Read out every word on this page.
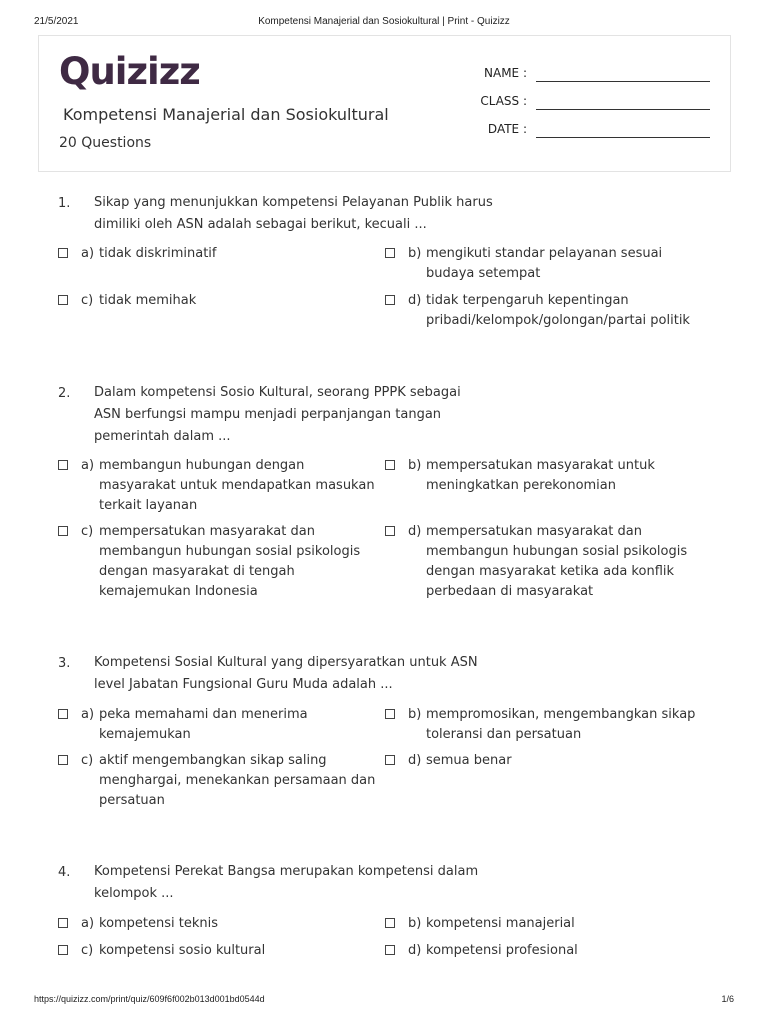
21/5/2021	Kompetensi Manajerial dan Sosiokultural | Print - Quizizz
Quizizz
Kompetensi Manajerial dan Sosiokultural
20 Questions
NAME :
CLASS :
DATE :
1. Sikap yang menunjukkan kompetensi Pelayanan Publik harus dimiliki oleh ASN adalah sebagai berikut, kecuali ...
a) tidak diskriminatif	b) mengikuti standar pelayanan sesuai budaya setempat
c) tidak memihak	d) tidak terpengaruh kepentingan pribadi/kelompok/golongan/partai politik
2. Dalam kompetensi Sosio Kultural, seorang PPPK sebagai ASN berfungsi mampu menjadi perpanjangan tangan pemerintah dalam ...
a) membangun hubungan dengan masyarakat untuk mendapatkan masukan terkait layanan
b) mempersatukan masyarakat untuk meningkatkan perekonomian
c) mempersatukan masyarakat dan membangun hubungan sosial psikologis dengan masyarakat di tengah kemajemukan Indonesia
d) mempersatukan masyarakat dan membangun hubungan sosial psikologis dengan masyarakat ketika ada konflik perbedaan di masyarakat
3. Kompetensi Sosial Kultural yang dipersyaratkan untuk ASN level Jabatan Fungsional Guru Muda adalah ...
a) peka memahami dan menerima kemajemukan
b) mempromosikan, mengembangkan sikap toleransi dan persatuan
c) aktif mengembangkan sikap saling menghargai, menekankan persamaan dan persatuan
d) semua benar
4. Kompetensi Perekat Bangsa merupakan kompetensi dalam kelompok ...
a) kompetensi teknis	b) kompetensi manajerial
c) kompetensi sosio kultural	d) kompetensi profesional
https://quizizz.com/print/quiz/609f6f002b013d001bd0544d	1/6
